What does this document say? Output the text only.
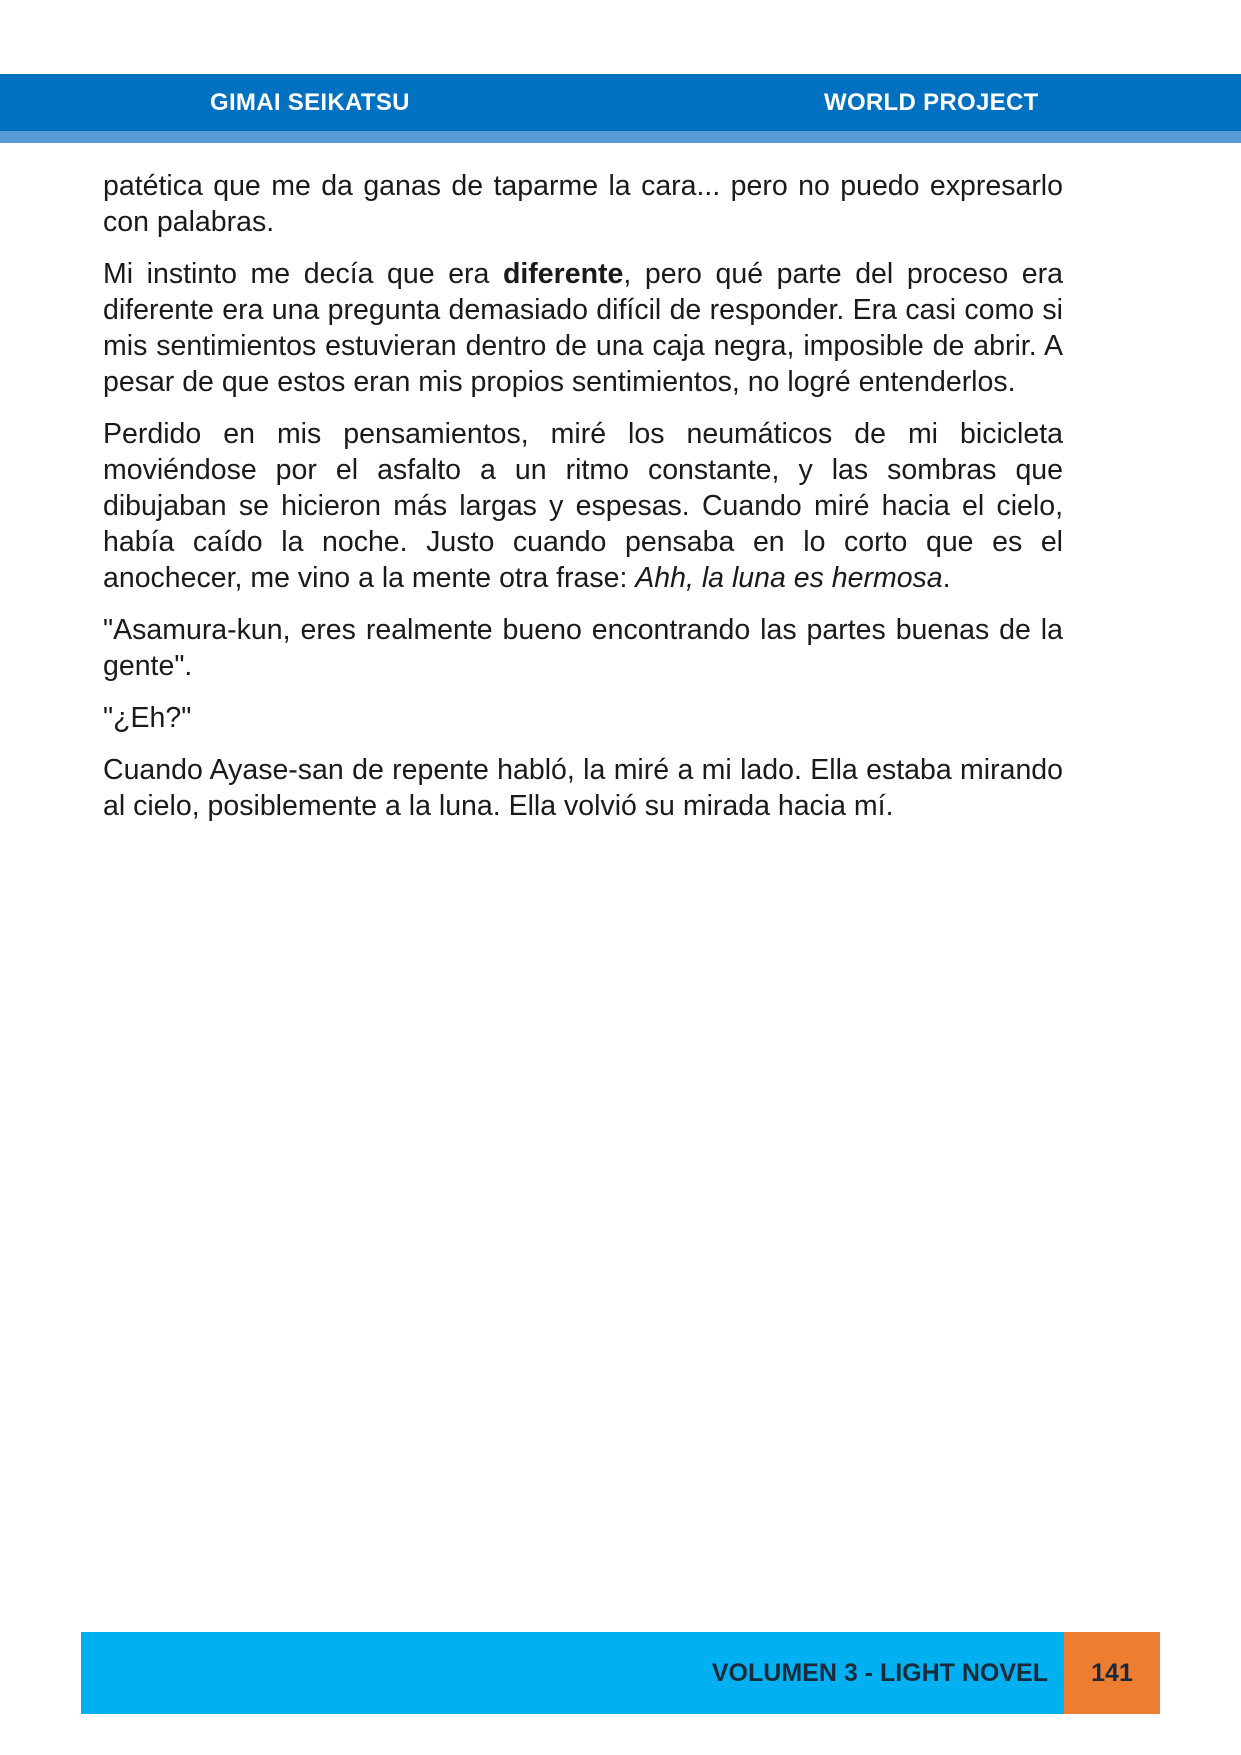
GIMAI SEIKATSU	WORLD PROJECT

patética que me da ganas de taparme la cara... pero no puedo expresarlo con palabras.

Mi instinto me decía que era diferente, pero qué parte del proceso era diferente era una pregunta demasiado difícil de responder. Era casi como si mis sentimientos estuvieran dentro de una caja negra, imposible de abrir. A pesar de que estos eran mis propios sentimientos, no logré entenderlos.

Perdido en mis pensamientos, miré los neumáticos de mi bicicleta moviéndose por el asfalto a un ritmo constante, y las sombras que dibujaban se hicieron más largas y espesas. Cuando miré hacia el cielo, había caído la noche. Justo cuando pensaba en lo corto que es el anochecer, me vino a la mente otra frase: Ahh, la luna es hermosa.

"Asamura-kun, eres realmente bueno encontrando las partes buenas de la gente".

"¿Eh?"

Cuando Ayase-san de repente habló, la miré a mi lado. Ella estaba mirando al cielo, posiblemente a la luna. Ella volvió su mirada hacia mí.

VOLUMEN 3 - LIGHT NOVEL	141
